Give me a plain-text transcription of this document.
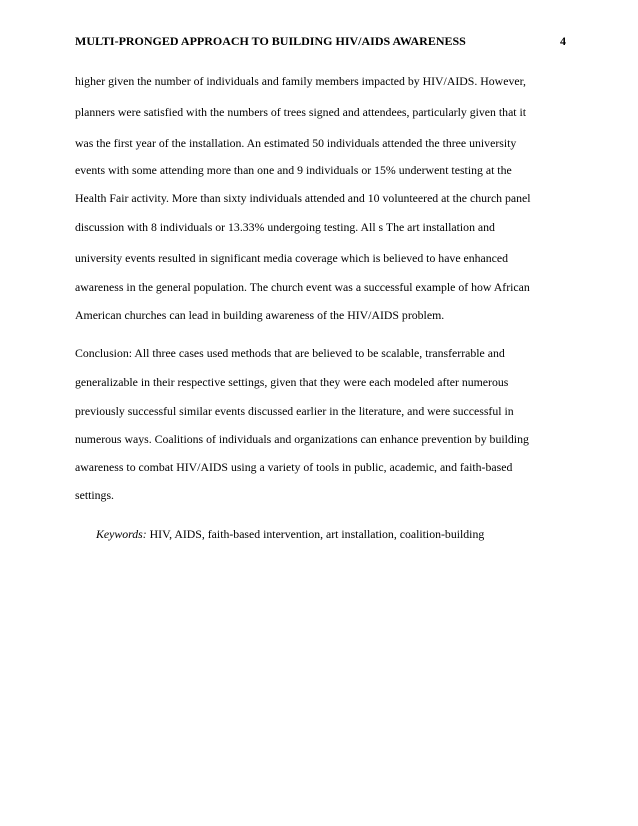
MULTI-PRONGED APPROACH TO BUILDING HIV/AIDS AWARENESS	4
higher given the number of individuals and family members impacted by HIV/AIDS. However,
planners were satisfied with the numbers of trees signed and attendees, particularly given that it
was the first year of the installation. An estimated 50 individuals attended the three university
events with some attending more than one and 9 individuals or 15% underwent testing at the
Health Fair activity. More than sixty individuals attended and 10 volunteered at the church panel
discussion with 8 individuals or 13.33% undergoing testing. All s The art installation and
university events resulted in significant media coverage which is believed to have enhanced
awareness in the general population. The church event was a successful example of how African
American churches can lead in building awareness of the HIV/AIDS problem.
Conclusion: All three cases used methods that are believed to be scalable, transferrable and
generalizable in their respective settings, given that they were each modeled after numerous
previously successful similar events discussed earlier in the literature, and were successful in
numerous ways. Coalitions of individuals and organizations can enhance prevention by building
awareness to combat HIV/AIDS using a variety of tools in public, academic, and faith-based
settings.
Keywords: HIV, AIDS, faith-based intervention, art installation, coalition-building
